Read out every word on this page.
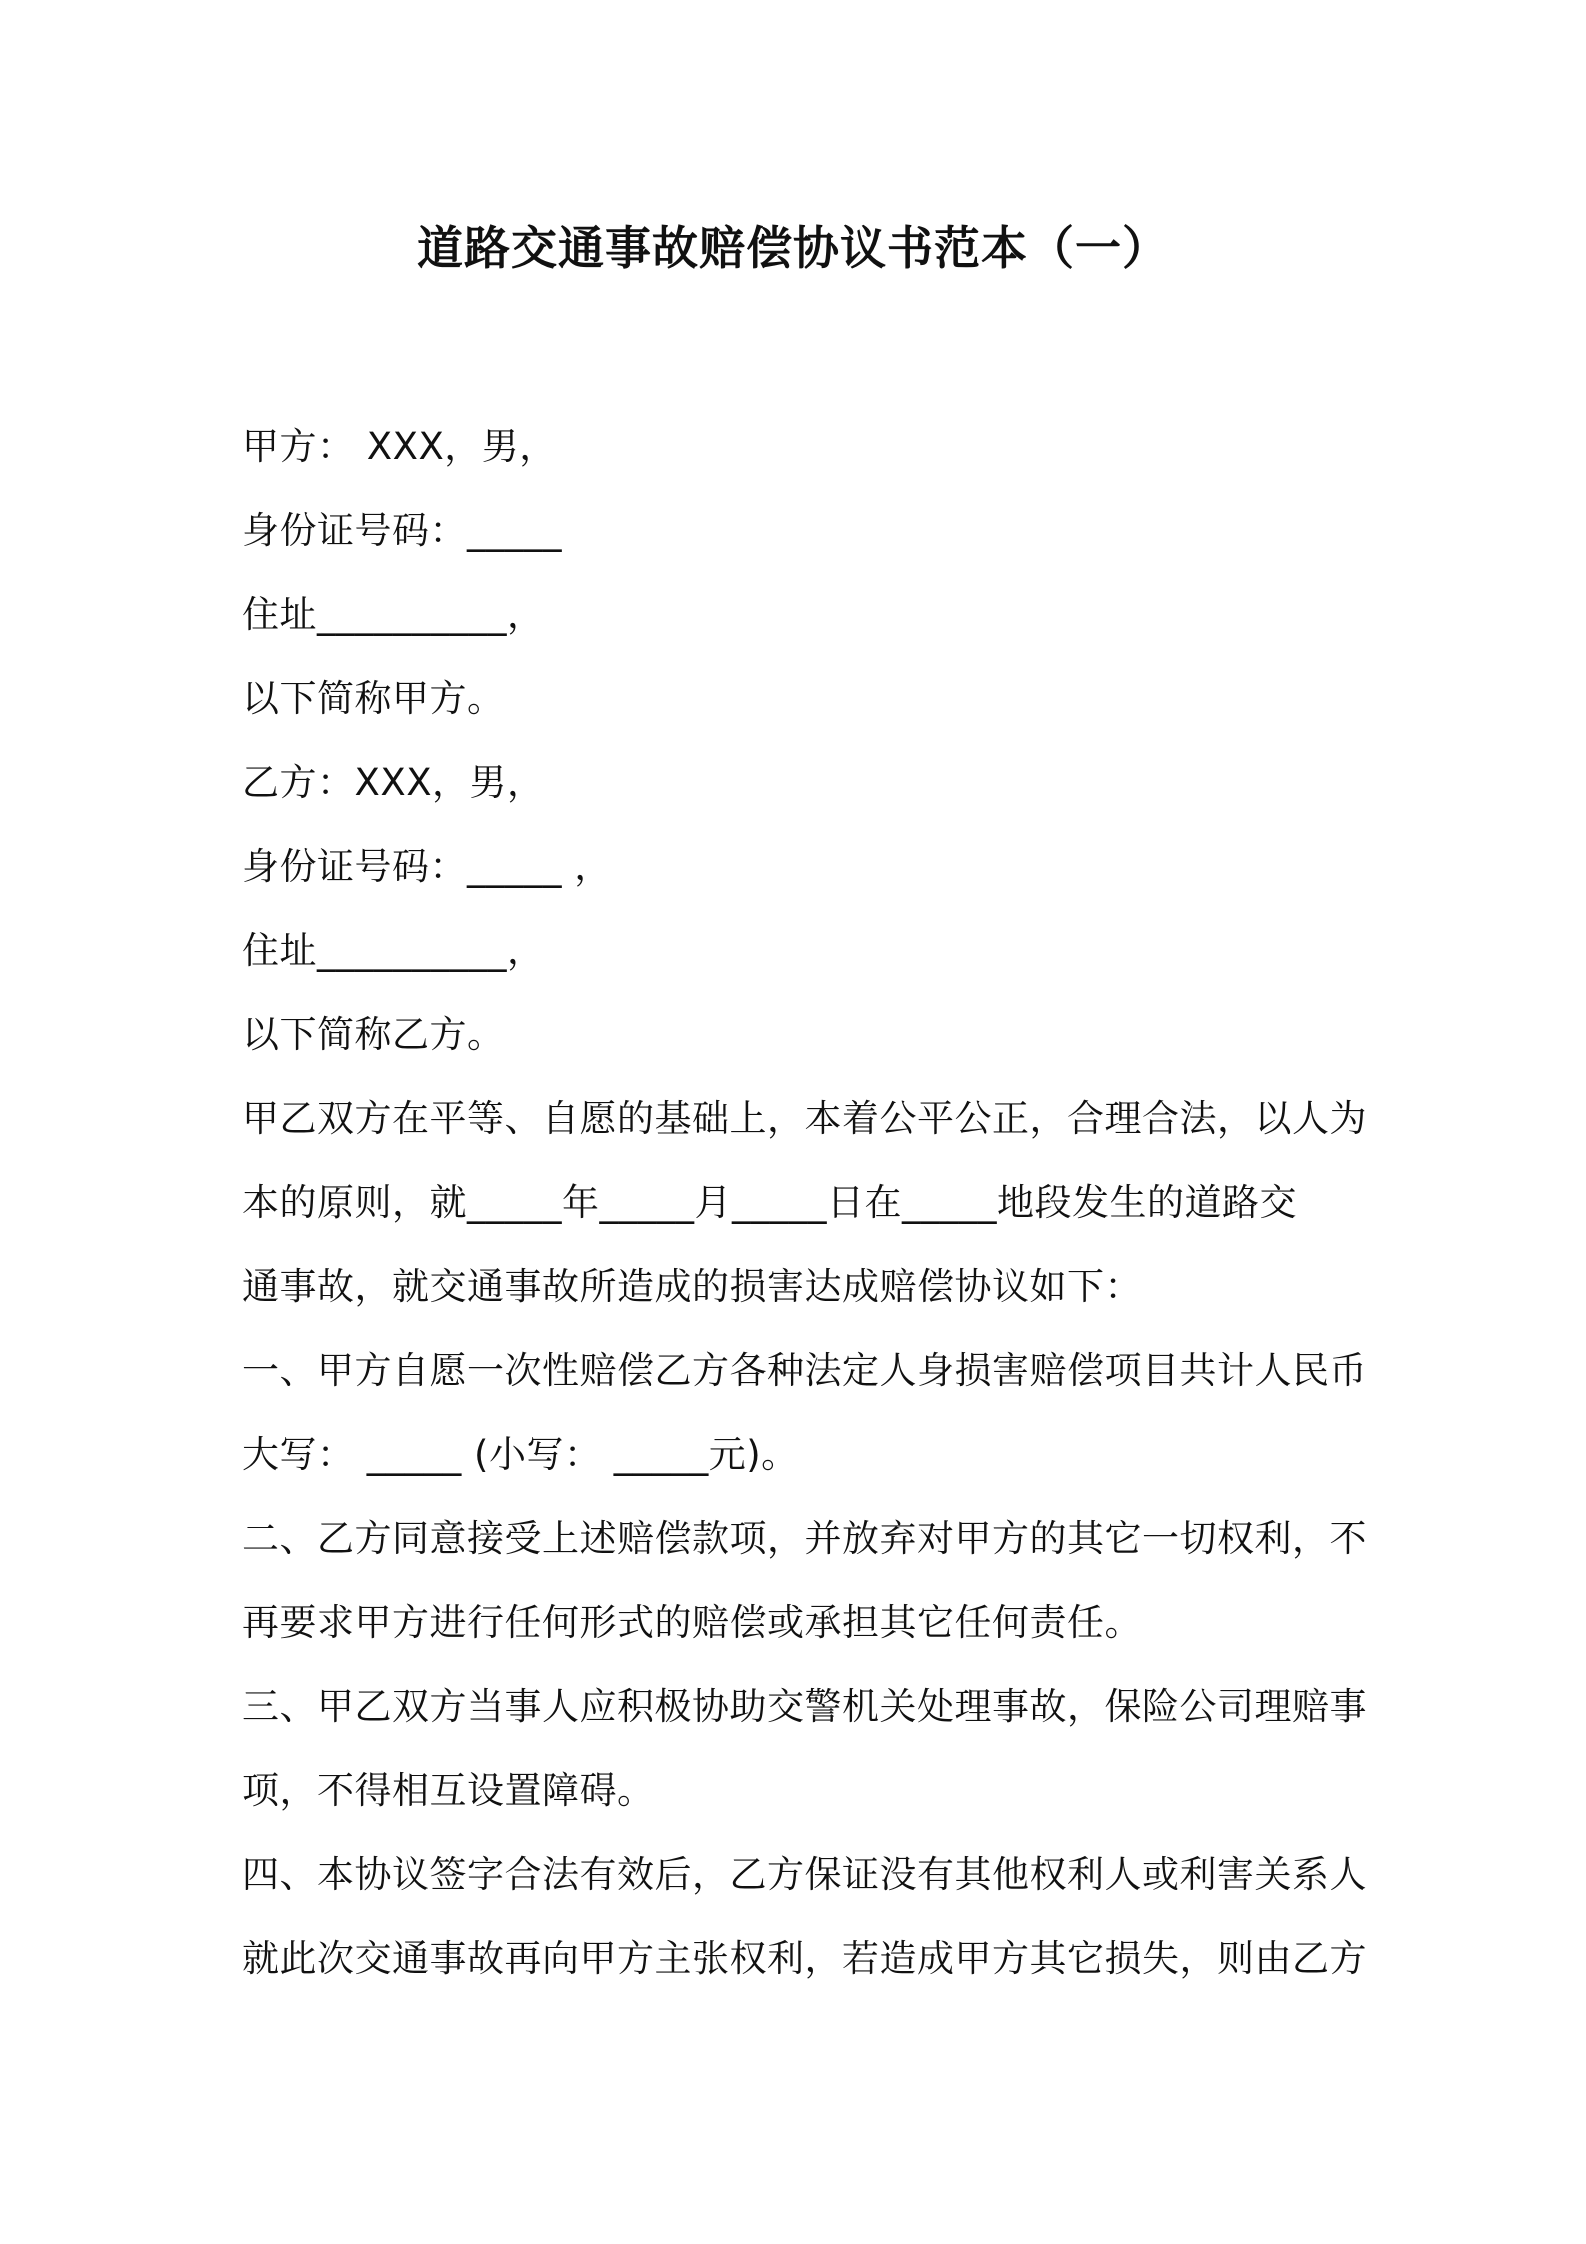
道路交通事故赔偿协议书范本（一）
甲方： XXX，男，
身份证号码：_____
住址__________，
以下简称甲方。
乙方：XXX，男，
身份证号码：_____ ，
住址__________，
以下简称乙方。
甲乙双方在平等、自愿的基础上，本着公平公正，合理合法，以人为
本的原则，就_____年_____月_____日在_____地段发生的道路交
通事故，就交通事故所造成的损害达成赔偿协议如下：
一、甲方自愿一次性赔偿乙方各种法定人身损害赔偿项目共计人民币
大写： _____ (小写： _____元)。
二、乙方同意接受上述赔偿款项，并放弃对甲方的其它一切权利，不
再要求甲方进行任何形式的赔偿或承担其它任何责任。
三、甲乙双方当事人应积极协助交警机关处理事故，保险公司理赔事
项，不得相互设置障碍。
四、本协议签字合法有效后，乙方保证没有其他权利人或利害关系人
就此次交通事故再向甲方主张权利，若造成甲方其它损失，则由乙方
